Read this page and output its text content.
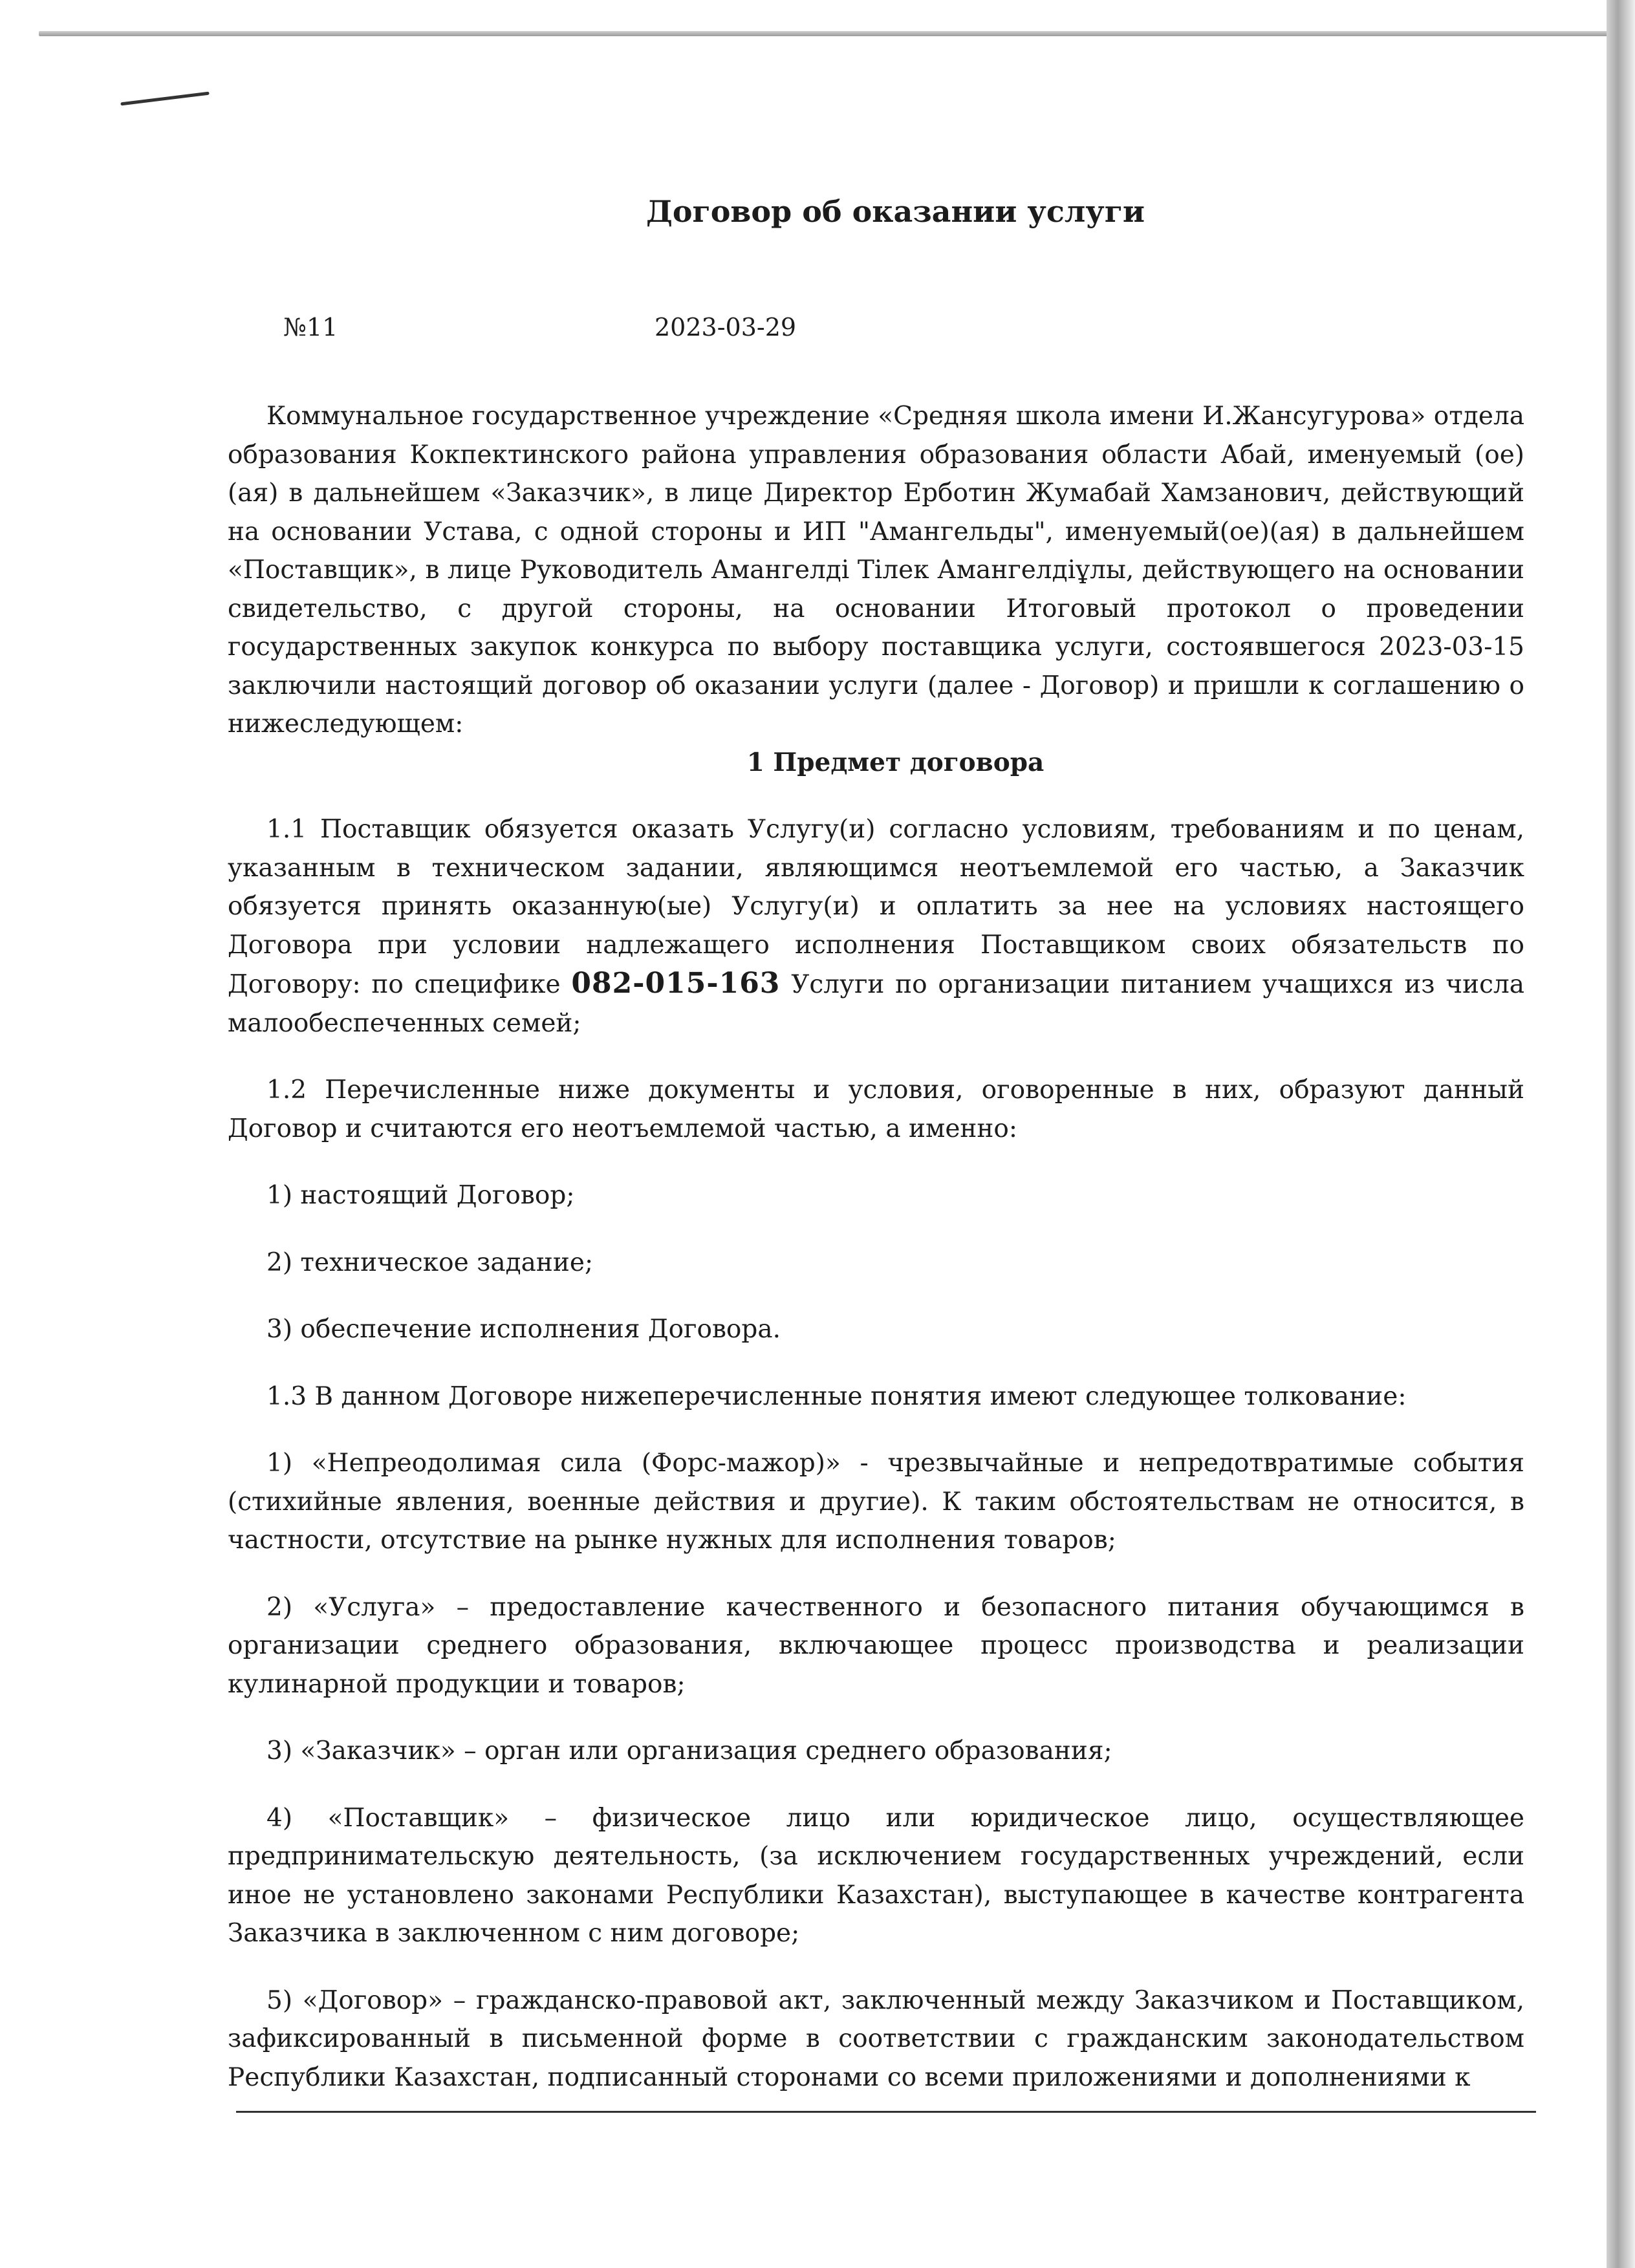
Договор об оказании услуги
№11	2023-03-29

Коммунальное государственное учреждение «Средняя школа имени И.Жансугурова» отдела образования Кокпектинского района управления образования области Абай, именуемый (ое)(ая) в дальнейшем «Заказчик», в лице Директор Ерботин Жумабай Хамзанович, действующий на основании Устава, с одной стороны и ИП "Амангельды", именуемый(ое)(ая) в дальнейшем «Поставщик», в лице Руководитель Амангелді Тілек Амангелдіұлы, действующего на основании свидетельство, с другой стороны, на основании Итоговый протокол о проведении государственных закупок конкурса по выбору поставщика услуги, состоявшегося 2023-03-15 заключили настоящий договор об оказании услуги (далее - Договор) и пришли к соглашению о нижеследующем:

1 Предмет договора

1.1 Поставщик обязуется оказать Услугу(и) согласно условиям, требованиям и по ценам, указанным в техническом задании, являющимся неотъемлемой его частью, а Заказчик обязуется принять оказанную(ые) Услугу(и) и оплатить за нее на условиях настоящего Договора при условии надлежащего исполнения Поставщиком своих обязательств по Договору: по специфике 082-015-163 Услуги по организации питанием учащихся из числа малообеспеченных семей;

1.2 Перечисленные ниже документы и условия, оговоренные в них, образуют данный Договор и считаются его неотъемлемой частью, а именно:

1) настоящий Договор;

2) техническое задание;

3) обеспечение исполнения Договора.

1.3 В данном Договоре нижеперечисленные понятия имеют следующее толкование:

1) «Непреодолимая сила (Форс-мажор)» - чрезвычайные и непредотвратимые события (стихийные явления, военные действия и другие). К таким обстоятельствам не относится, в частности, отсутствие на рынке нужных для исполнения товаров;

2) «Услуга» – предоставление качественного и безопасного питания обучающимся в организации среднего образования, включающее процесс производства и реализации кулинарной продукции и товаров;

3) «Заказчик» – орган или организация среднего образования;

4) «Поставщик» – физическое лицо или юридическое лицо, осуществляющее предпринимательскую деятельность, (за исключением государственных учреждений, если иное не установлено законами Республики Казахстан), выступающее в качестве контрагента Заказчика в заключенном с ним договоре;

5) «Договор» – гражданско-правовой акт, заключенный между Заказчиком и Поставщиком, зафиксированный в письменной форме в соответствии с гражданским законодательством Республики Казахстан, подписанный сторонами со всеми приложениями и дополнениями к
